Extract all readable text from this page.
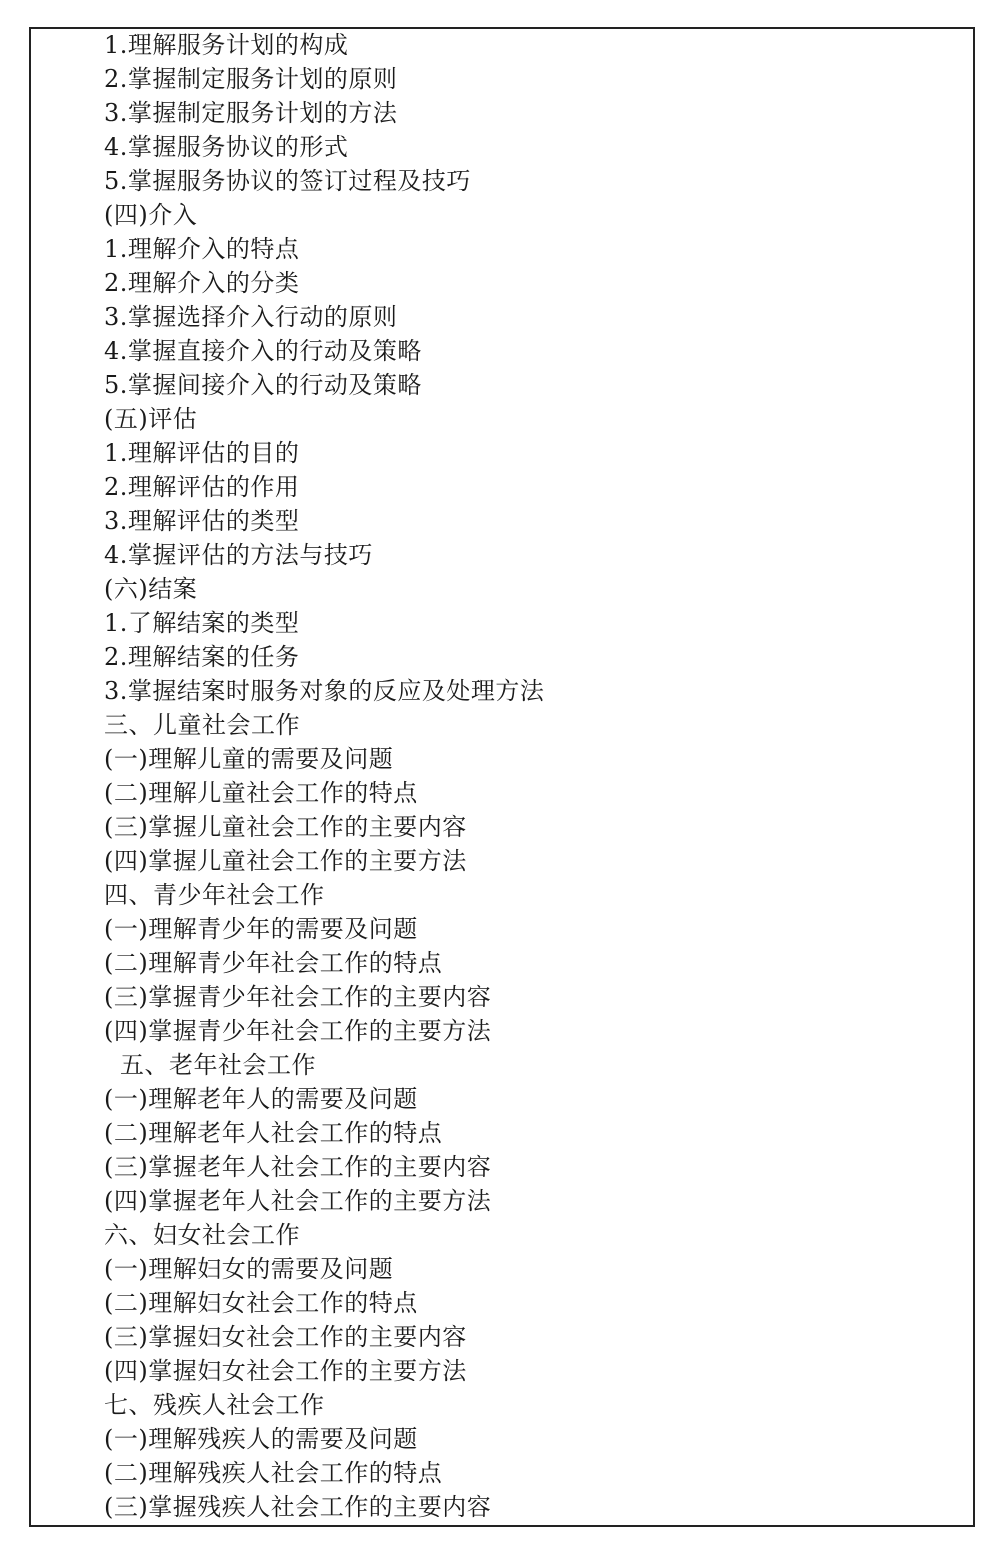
1.理解服务计划的构成
2.掌握制定服务计划的原则
3.掌握制定服务计划的方法
4.掌握服务协议的形式
5.掌握服务协议的签订过程及技巧
(四)介入
1.理解介入的特点
2.理解介入的分类
3.掌握选择介入行动的原则
4.掌握直接介入的行动及策略
5.掌握间接介入的行动及策略
(五)评估
1.理解评估的目的
2.理解评估的作用
3.理解评估的类型
4.掌握评估的方法与技巧
(六)结案
1.了解结案的类型
2.理解结案的任务
3.掌握结案时服务对象的反应及处理方法
三、儿童社会工作
(一)理解儿童的需要及问题
(二)理解儿童社会工作的特点
(三)掌握儿童社会工作的主要内容
(四)掌握儿童社会工作的主要方法
四、青少年社会工作
(一)理解青少年的需要及问题
(二)理解青少年社会工作的特点
(三)掌握青少年社会工作的主要内容
(四)掌握青少年社会工作的主要方法
五、老年社会工作
(一)理解老年人的需要及问题
(二)理解老年人社会工作的特点
(三)掌握老年人社会工作的主要内容
(四)掌握老年人社会工作的主要方法
六、妇女社会工作
(一)理解妇女的需要及问题
(二)理解妇女社会工作的特点
(三)掌握妇女社会工作的主要内容
(四)掌握妇女社会工作的主要方法
七、残疾人社会工作
(一)理解残疾人的需要及问题
(二)理解残疾人社会工作的特点
(三)掌握残疾人社会工作的主要内容
